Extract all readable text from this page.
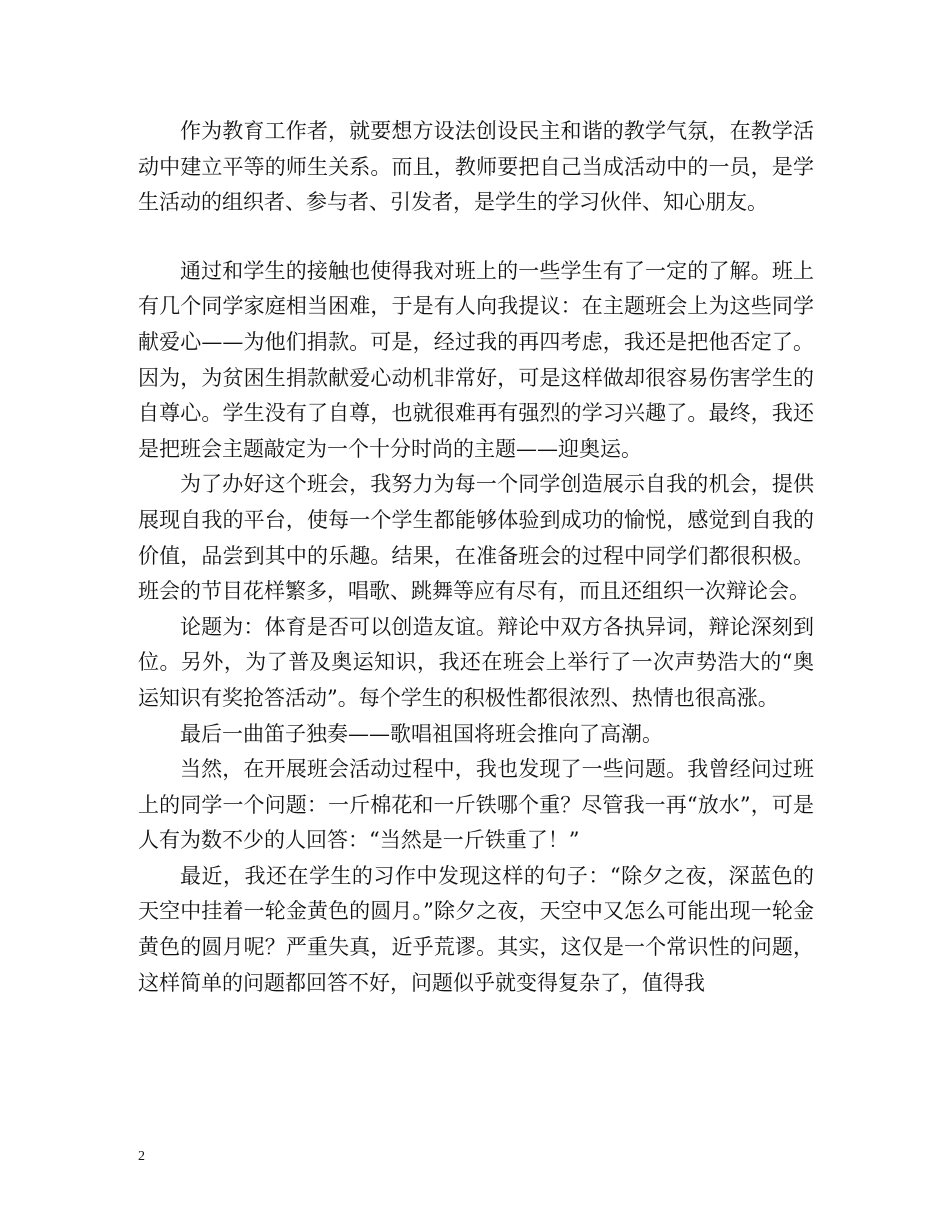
作为教育工作者，就要想方设法创设民主和谐的教学气氛，在教学活动中建立平等的师生关系。而且，教师要把自己当成活动中的一员，是学生活动的组织者、参与者、引发者，是学生的学习伙伴、知心朋友。

通过和学生的接触也使得我对班上的一些学生有了一定的了解。班上有几个同学家庭相当困难，于是有人向我提议：在主题班会上为这些同学献爱心——为他们捐款。可是，经过我的再四考虑，我还是把他否定了。因为，为贫困生捐款献爱心动机非常好，可是这样做却很容易伤害学生的自尊心。学生没有了自尊，也就很难再有强烈的学习兴趣了。最终，我还是把班会主题敲定为一个十分时尚的主题——迎奥运。

为了办好这个班会，我努力为每一个同学创造展示自我的机会，提供展现自我的平台，使每一个学生都能够体验到成功的愉悦，感觉到自我的价值，品尝到其中的乐趣。结果，在准备班会的过程中同学们都很积极。班会的节目花样繁多，唱歌、跳舞等应有尽有，而且还组织一次辩论会。

论题为：体育是否可以创造友谊。辩论中双方各执异词，辩论深刻到位。另外，为了普及奥运知识，我还在班会上举行了一次声势浩大的“奥运知识有奖抢答活动”。每个学生的积极性都很浓烈、热情也很高涨。

最后一曲笛子独奏——歌唱祖国将班会推向了高潮。

当然，在开展班会活动过程中，我也发现了一些问题。我曾经问过班上的同学一个问题：一斤棉花和一斤铁哪个重？尽管我一再“放水”，可是人有为数不少的人回答：“当然是一斤铁重了！”

最近，我还在学生的习作中发现这样的句子：“除夕之夜，深蓝色的天空中挂着一轮金黄色的圆月。”除夕之夜，天空中又怎么可能出现一轮金黄色的圆月呢？严重失真，近乎荒谬。其实，这仅是一个常识性的问题，这样简单的问题都回答不好，问题似乎就变得复杂了，值得我

2
